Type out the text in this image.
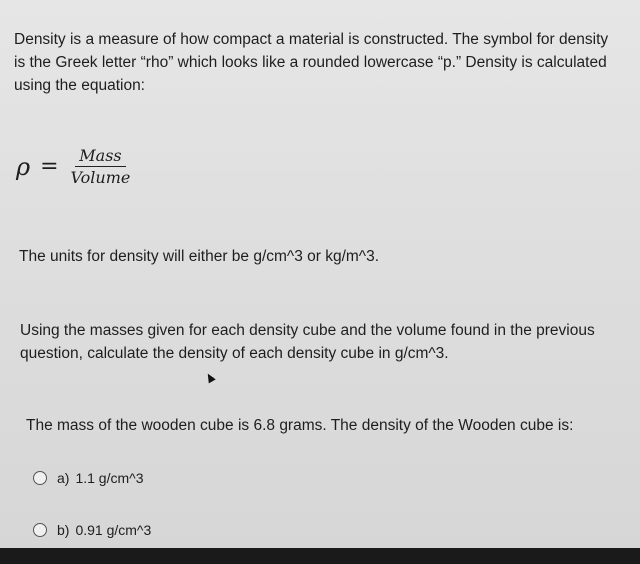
Density is a measure of how compact a material is constructed. The symbol for density is the Greek letter “rho” which looks like a rounded lowercase “p.” Density is calculated using the equation:
$\rho = \frac{\text{Mass}}{\text{Volume}}$
The units for density will either be g/cm^3 or kg/m^3.
Using the masses given for each density cube and the volume found in the previous question, calculate the density of each density cube in g/cm^3.
The mass of the wooden cube is 6.8 grams. The density of the Wooden cube is:
a) 1.1 g/cm^3
b) 0.91 g/cm^3
